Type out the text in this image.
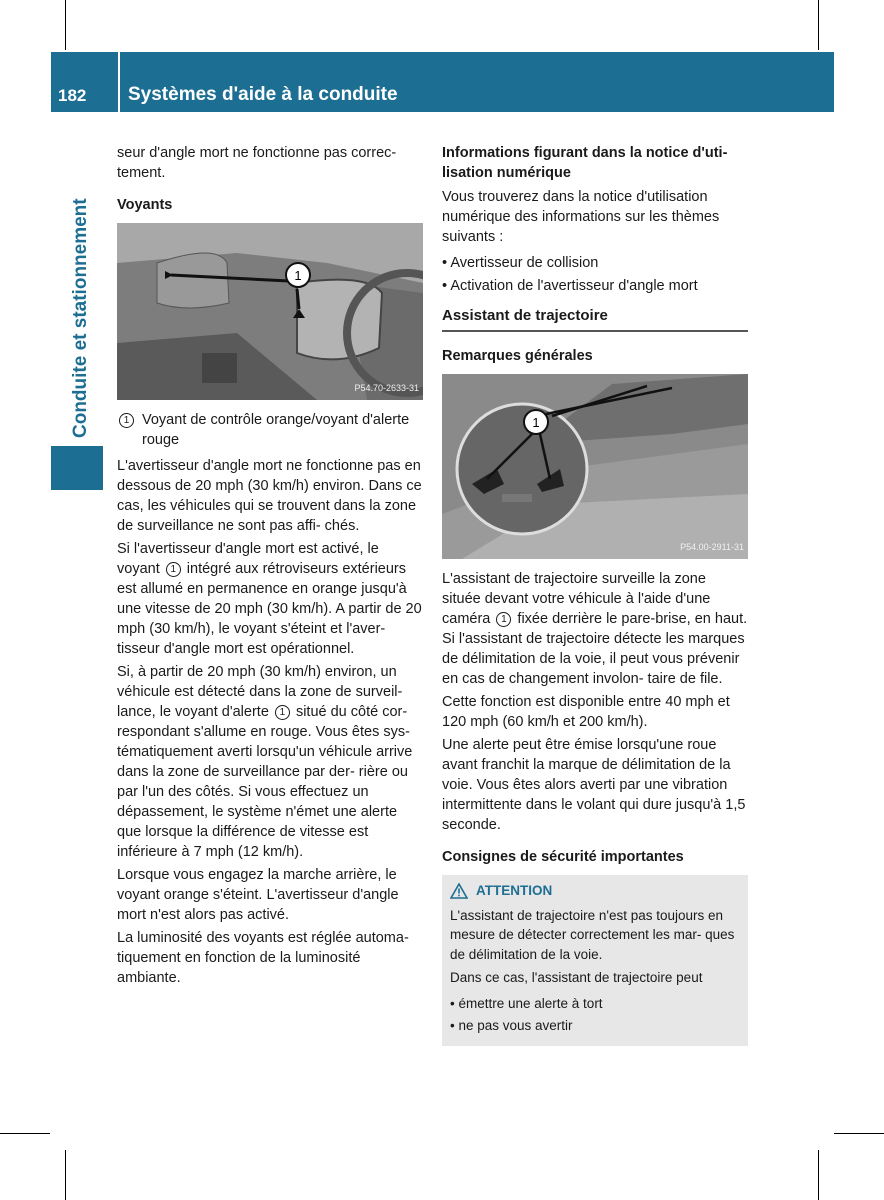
182 Systèmes d'aide à la conduite
Conduite et stationnement

seur d'angle mort ne fonctionne pas correc- tement.

Voyants
1
P54.70-2633-31
1 Voyant de contrôle orange/voyant d'alerte rouge

L'avertisseur d'angle mort ne fonctionne pas en dessous de 20 mph (30 km/h) environ. Dans ce cas, les véhicules qui se trouvent dans la zone de surveillance ne sont pas affi- chés.

Si l'avertisseur d'angle mort est activé, le voyant 1 intégré aux rétroviseurs extérieurs est allumé en permanence en orange jusqu'à une vitesse de 20 mph (30 km/h). A partir de 20 mph (30 km/h), le voyant s'éteint et l'aver- tisseur d'angle mort est opérationnel.

Si, à partir de 20 mph (30 km/h) environ, un véhicule est détecté dans la zone de surveil- lance, le voyant d'alerte 1 situé du côté cor- respondant s'allume en rouge. Vous êtes sys- tématiquement averti lorsqu'un véhicule arrive dans la zone de surveillance par der- rière ou par l'un des côtés. Si vous effectuez un dépassement, le système n'émet une alerte que lorsque la différence de vitesse est inférieure à 7 mph (12 km/h).

Lorsque vous engagez la marche arrière, le voyant orange s'éteint. L'avertisseur d'angle mort n'est alors pas activé.

La luminosité des voyants est réglée automa- tiquement en fonction de la luminosité ambiante.

Informations figurant dans la notice d'uti- lisation numérique

Vous trouverez dans la notice d'utilisation numérique des informations sur les thèmes suivants :

• Avertisseur de collision
• Activation de l'avertisseur d'angle mort
Assistant de trajectoire
Remarques générales
1
P54.00-2911-31

L'assistant de trajectoire surveille la zone située devant votre véhicule à l'aide d'une caméra 1 fixée derrière le pare-brise, en haut. Si l'assistant de trajectoire détecte les marques de délimitation de la voie, il peut vous prévenir en cas de changement involon- taire de file.

Cette fonction est disponible entre 40 mph et 120 mph (60 km/h et 200 km/h).

Une alerte peut être émise lorsqu'une roue avant franchit la marque de délimitation de la voie. Vous êtes alors averti par une vibration intermittente dans le volant qui dure jusqu'à 1,5 seconde.

Consignes de sécurité importantes
ATTENTION

L'assistant de trajectoire n'est pas toujours en mesure de détecter correctement les mar- ques de délimitation de la voie.

Dans ce cas, l'assistant de trajectoire peut

• émettre une alerte à tort
• ne pas vous avertir
